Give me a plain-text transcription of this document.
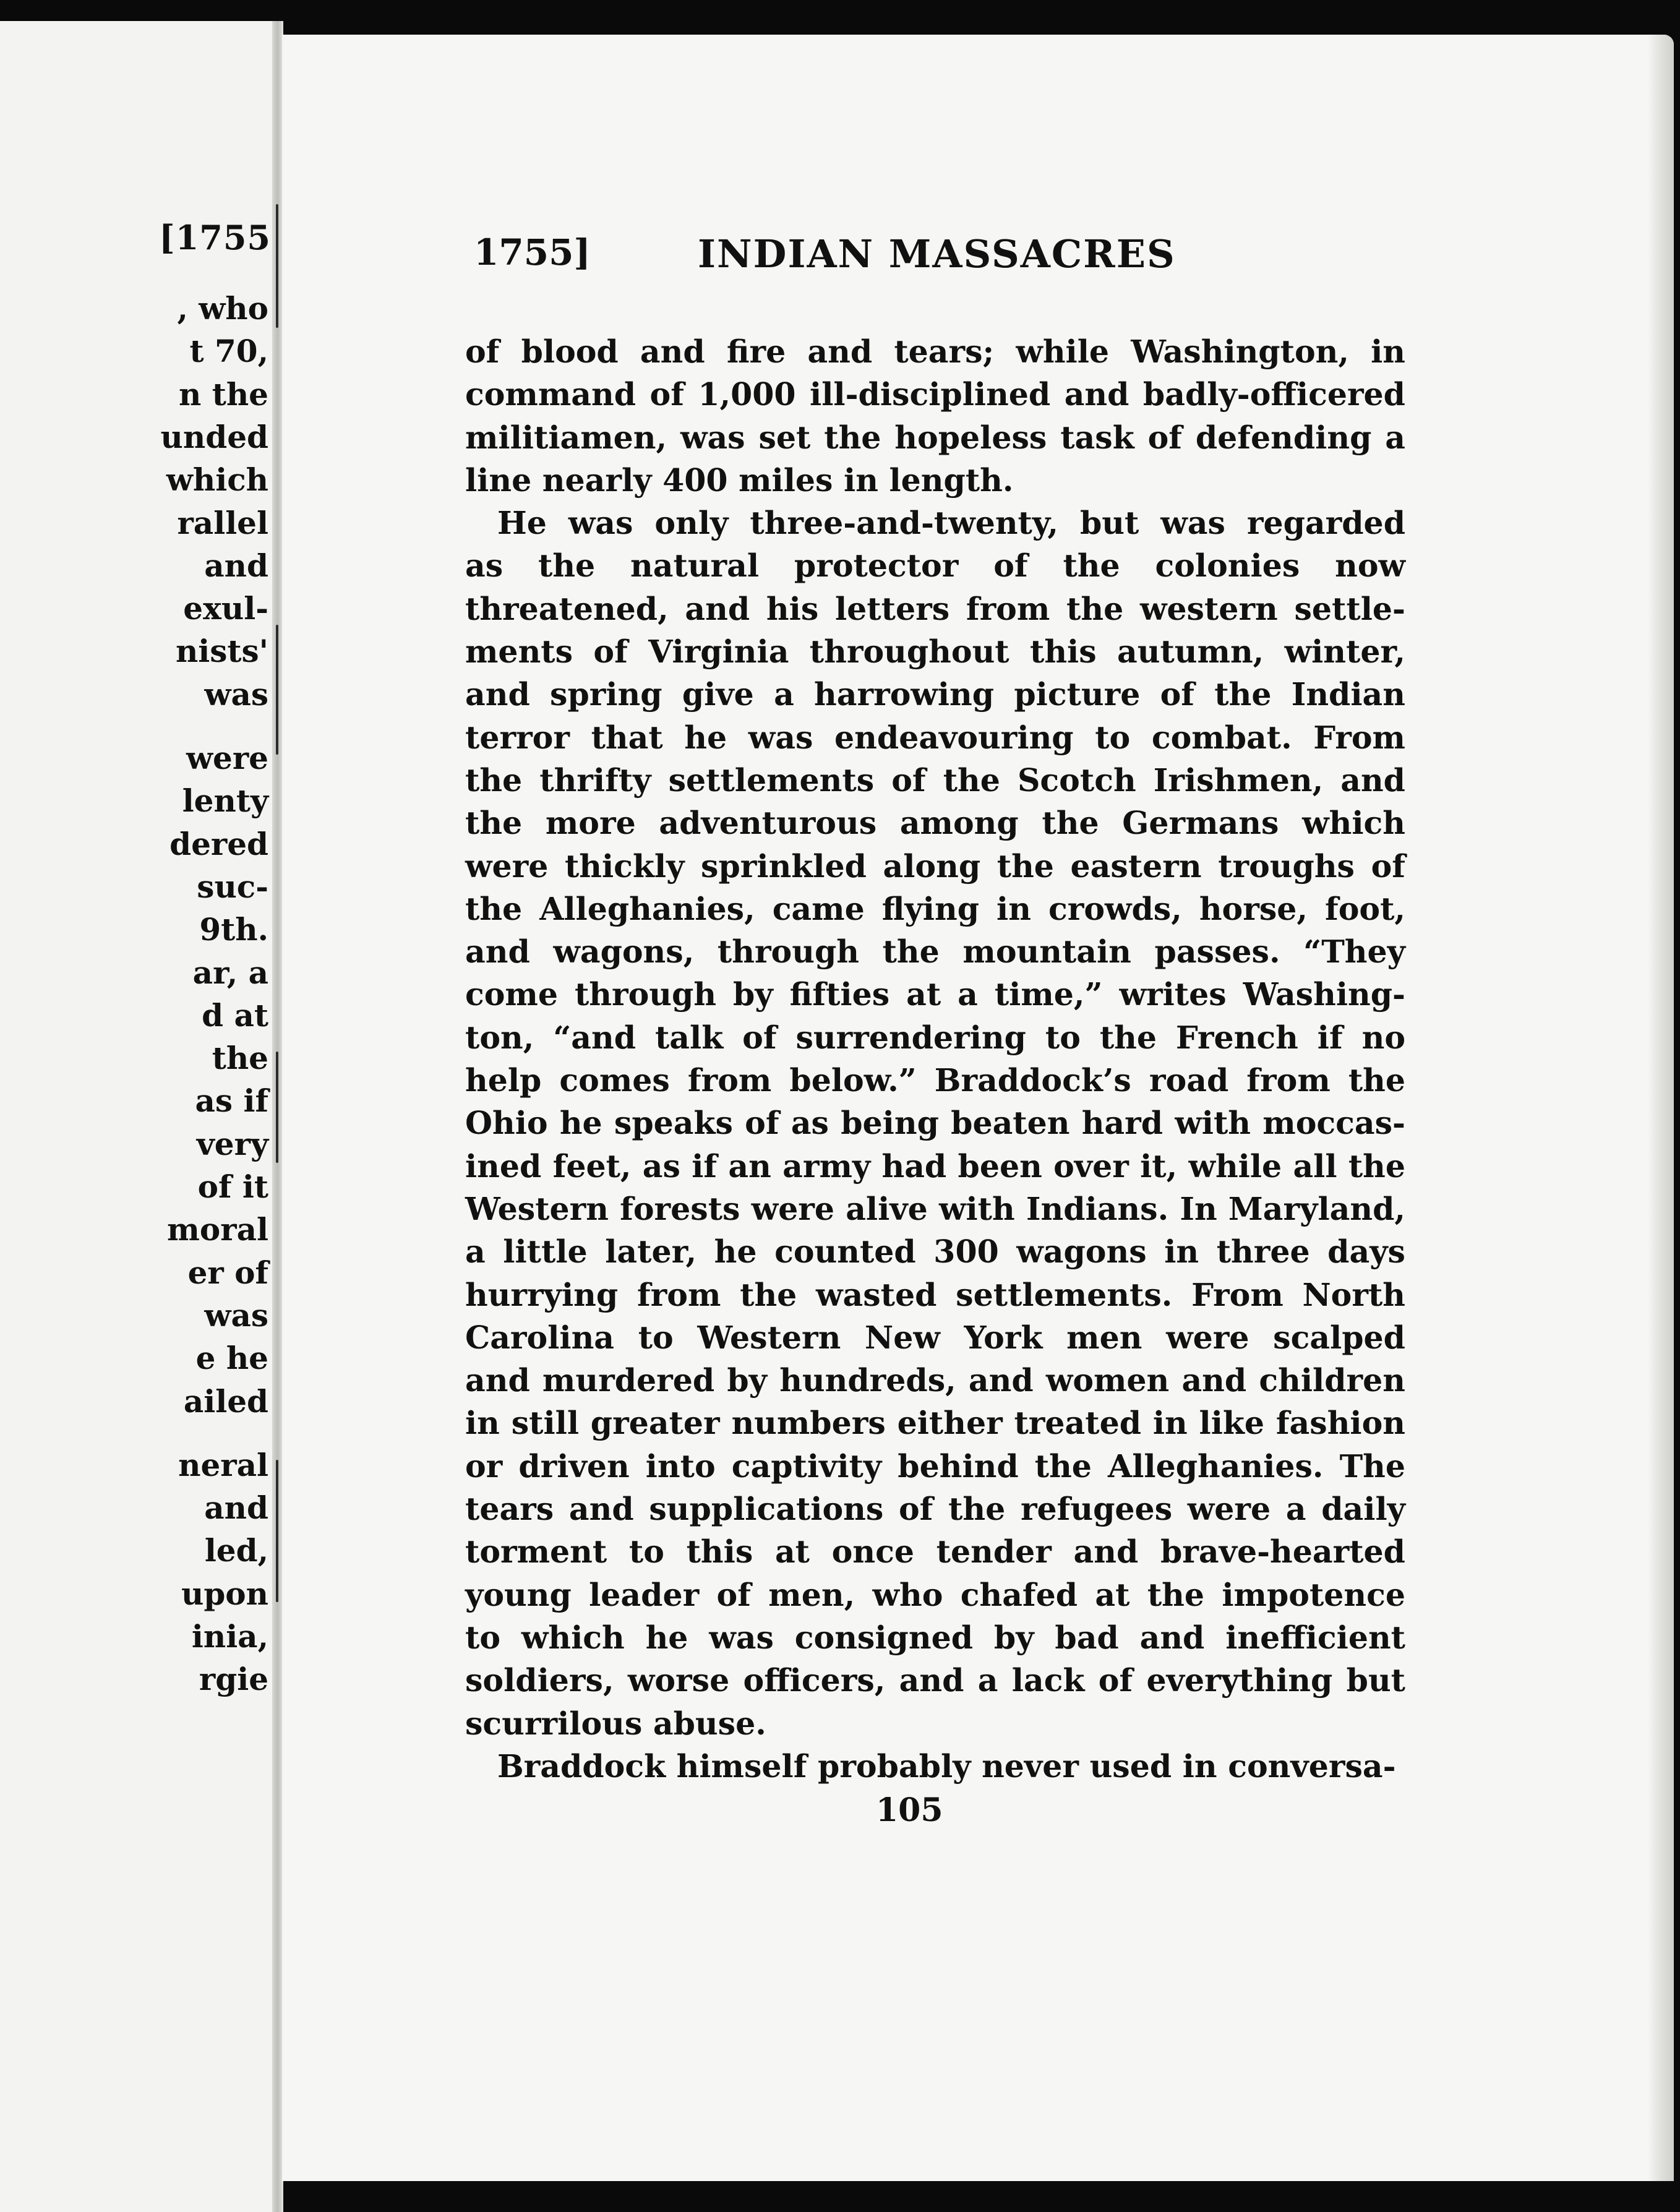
[1755
, who
t 70,
n the
unded
which
rallel
and
exul-
nists'
was
were
lenty
dered
suc-
9th.
ar, a
d at
the
as if
very
of it
moral
er of
was
e he
ailed
neral
and
led,
upon
inia,
rgie
1755]	INDIAN MASSACRES
of blood and fire and tears; while Washington, in
command of 1,000 ill-disciplined and badly-officered
militiamen, was set the hopeless task of defending a
line nearly 400 miles in length.
He was only three-and-twenty, but was regarded
as the natural protector of the colonies now
threatened, and his letters from the western settle-
ments of Virginia throughout this autumn, winter,
and spring give a harrowing picture of the Indian
terror that he was endeavouring to combat. From
the thrifty settlements of the Scotch Irishmen, and
the more adventurous among the Germans which
were thickly sprinkled along the eastern troughs of
the Alleghanies, came flying in crowds, horse, foot,
and wagons, through the mountain passes. “They
come through by fifties at a time,” writes Washing-
ton, “and talk of surrendering to the French if no
help comes from below.” Braddock’s road from the
Ohio he speaks of as being beaten hard with moccas-
ined feet, as if an army had been over it, while all the
Western forests were alive with Indians. In Maryland,
a little later, he counted 300 wagons in three days
hurrying from the wasted settlements. From North
Carolina to Western New York men were scalped
and murdered by hundreds, and women and children
in still greater numbers either treated in like fashion
or driven into captivity behind the Alleghanies. The
tears and supplications of the refugees were a daily
torment to this at once tender and brave-hearted
young leader of men, who chafed at the impotence
to which he was consigned by bad and inefficient
soldiers, worse officers, and a lack of everything but
scurrilous abuse.
Braddock himself probably never used in conversa-
105
